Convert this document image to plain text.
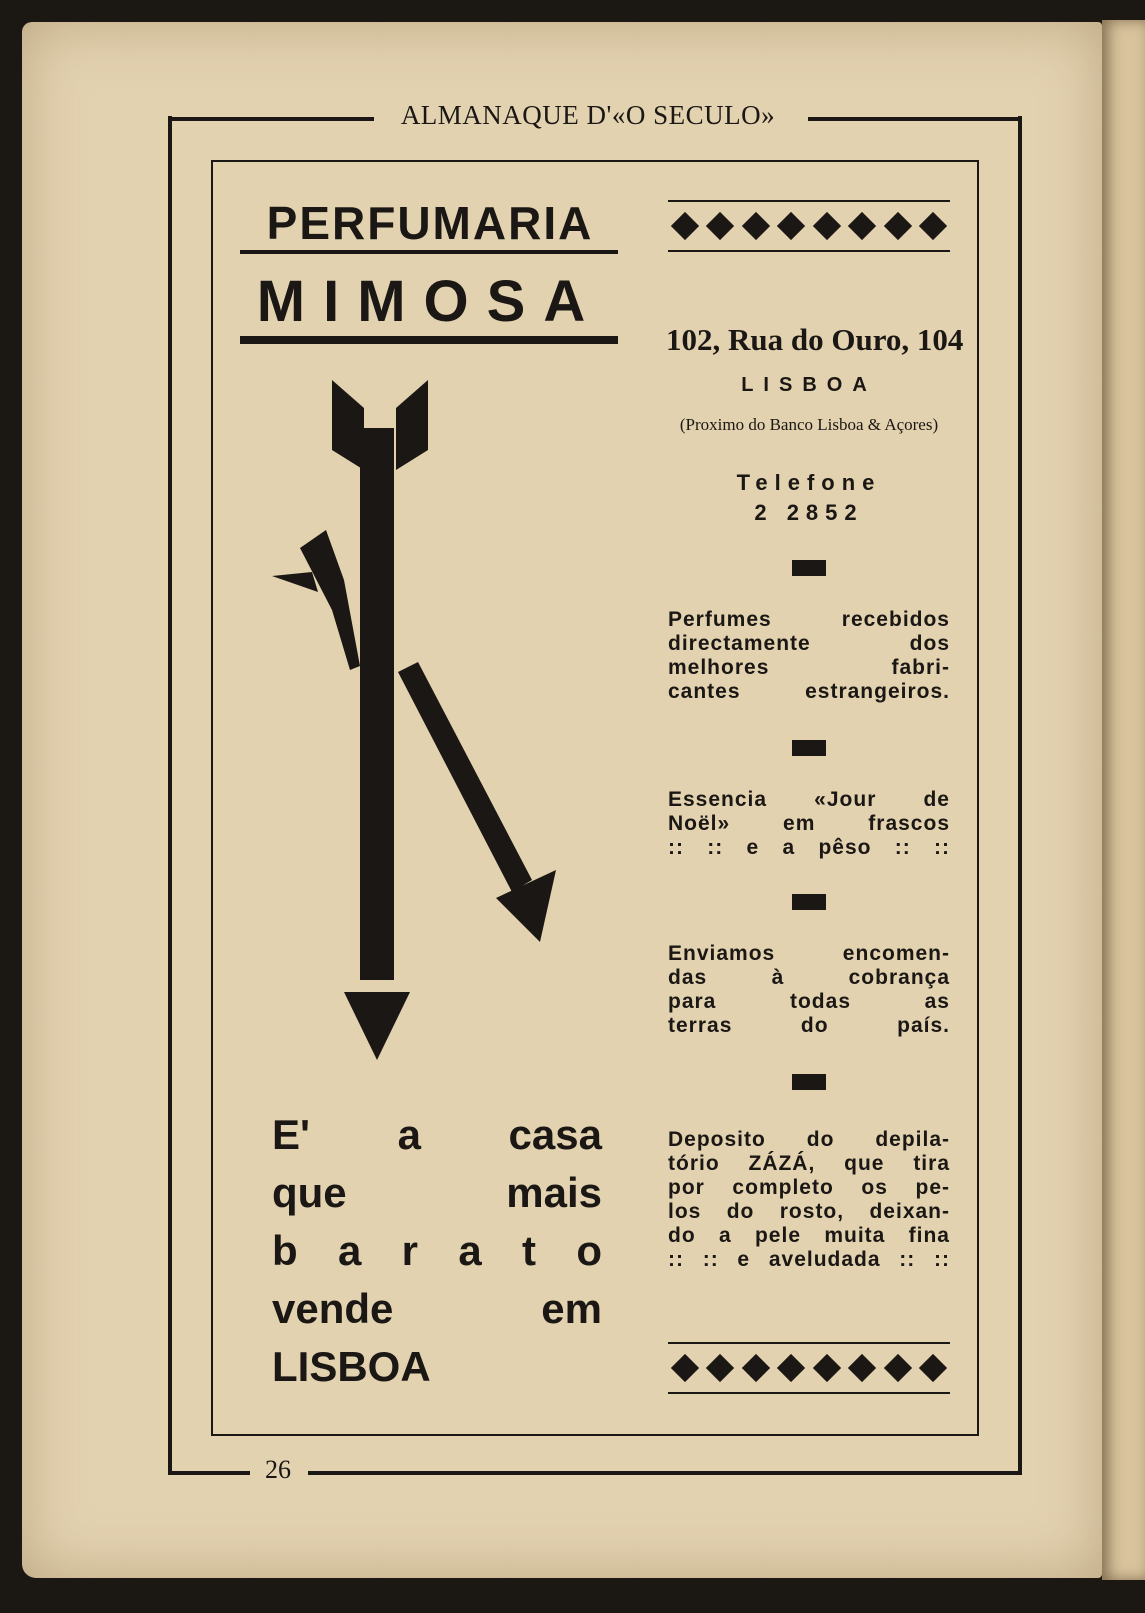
ALMANAQUE D'«O SECULO»
26
PERFUMARIA
MIMOSA
E' a casa
que mais
b a r a t o
vende em
LISBOA
102, Rua do Ouro, 104
LISBOA
(Proximo do Banco Lisboa & Açores)
Telefone
2 2852
Perfumes recebidos
directamente dos
melhores fabri-
cantes estrangeiros.
Essencia «Jour de
Noël» em frascos
:: :: e a pêso :: ::
Enviamos encomen-
das à cobrança
para todas as
terras do país.
Deposito do depila-
tório ZÁZÁ, que tira
por completo os pe-
los do rosto, deixan-
do a pele muita fina
:: :: e aveludada :: ::
